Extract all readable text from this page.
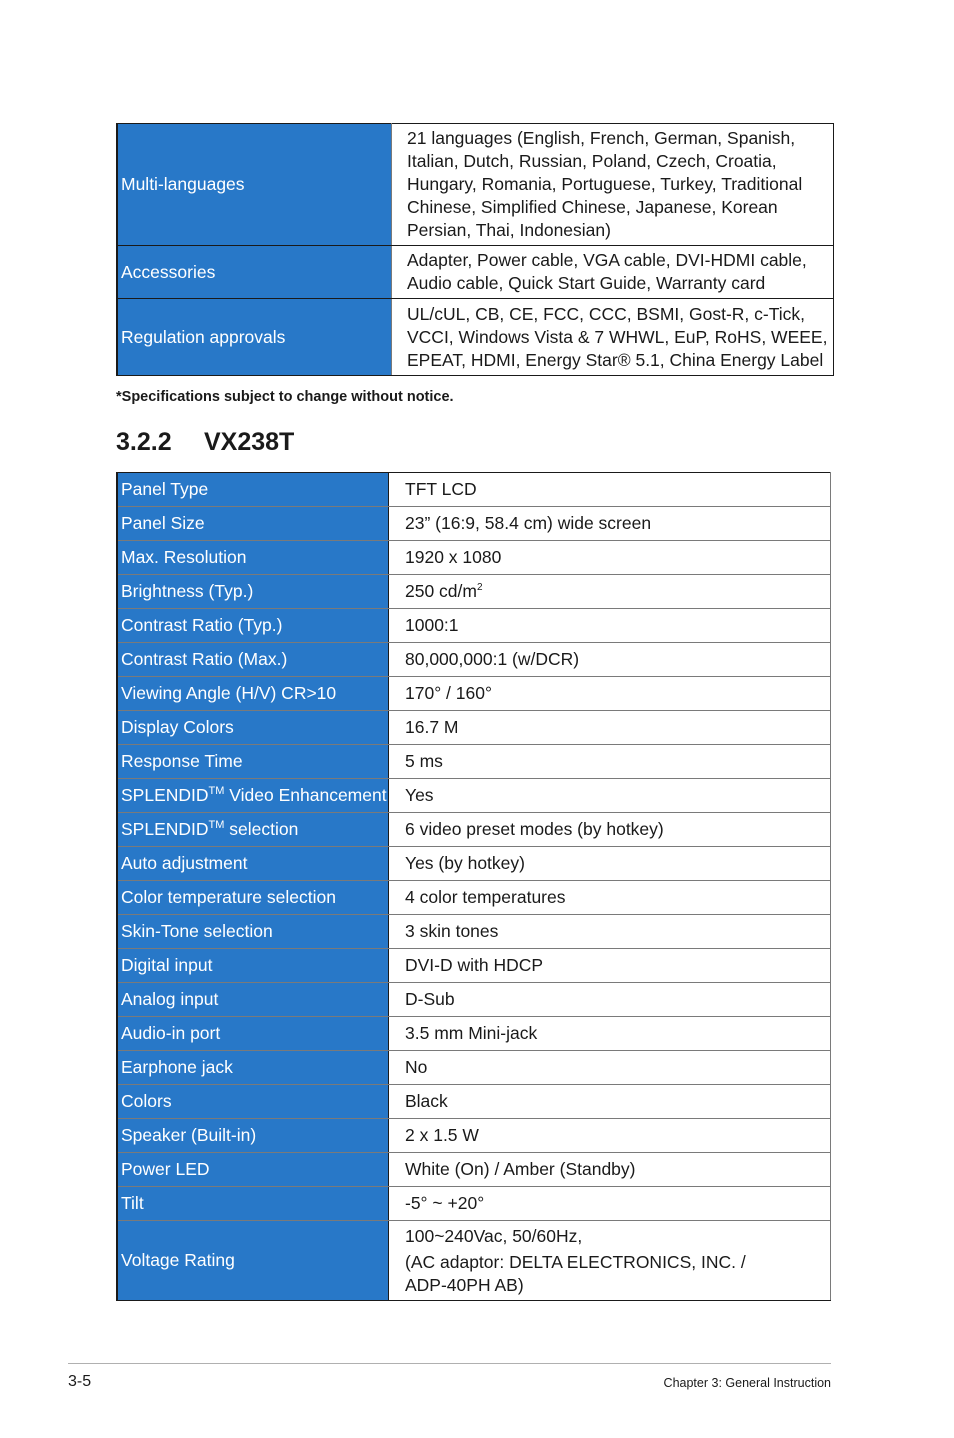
Multi-languages	21 languages (English, French, German, Spanish,
Italian, Dutch, Russian, Poland, Czech, Croatia,
Hungary, Romania, Portuguese, Turkey, Traditional
Chinese, Simplified Chinese, Japanese, Korean
Persian, Thai, Indonesian)

Accessories	Adapter, Power cable, VGA cable, DVI-HDMI cable,
Audio cable, Quick Start Guide, Warranty card

Regulation approvals	UL/cUL, CB, CE, FCC, CCC, BSMI, Gost-R, c-Tick,
VCCI, Windows Vista & 7 WHWL, EuP, RoHS, WEEE,
EPEAT, HDMI, Energy Star® 5.1, China Energy Label
*Specifications subject to change without notice.
3.2.2 VX238T
Panel Type	TFT LCD
Panel Size	23” (16:9, 58.4 cm) wide screen
Max. Resolution	1920 x 1080
Brightness (Typ.)	250 $cd/m^2$
Contrast Ratio (Typ.)	1000:1
Contrast Ratio (Max.)	80,000,000:1 (w/DCR)
Viewing Angle (H/V) CR>10	170° / 160°
Display Colors	16.7 M
Response Time	5 ms
SPLENDID™ Video Enhancement	Yes
SPLENDID™ selection	6 video preset modes (by hotkey)
Auto adjustment	Yes (by hotkey)
Color temperature selection	4 color temperatures
Skin-Tone selection	3 skin tones
Digital input	DVI-D with HDCP
Analog input	D-Sub
Audio-in port	3.5 mm Mini-jack
Earphone jack	No
Colors	Black
Speaker (Built-in)	2 x 1.5 W
Power LED	White (On) / Amber (Standby)
Tilt	-5° ~ +20°
Voltage Rating	100~240Vac, 50/60Hz,
(AC adaptor: DELTA ELECTRONICS, INC. /
ADP-40PH AB)
3-5	Chapter 3: General Instruction
